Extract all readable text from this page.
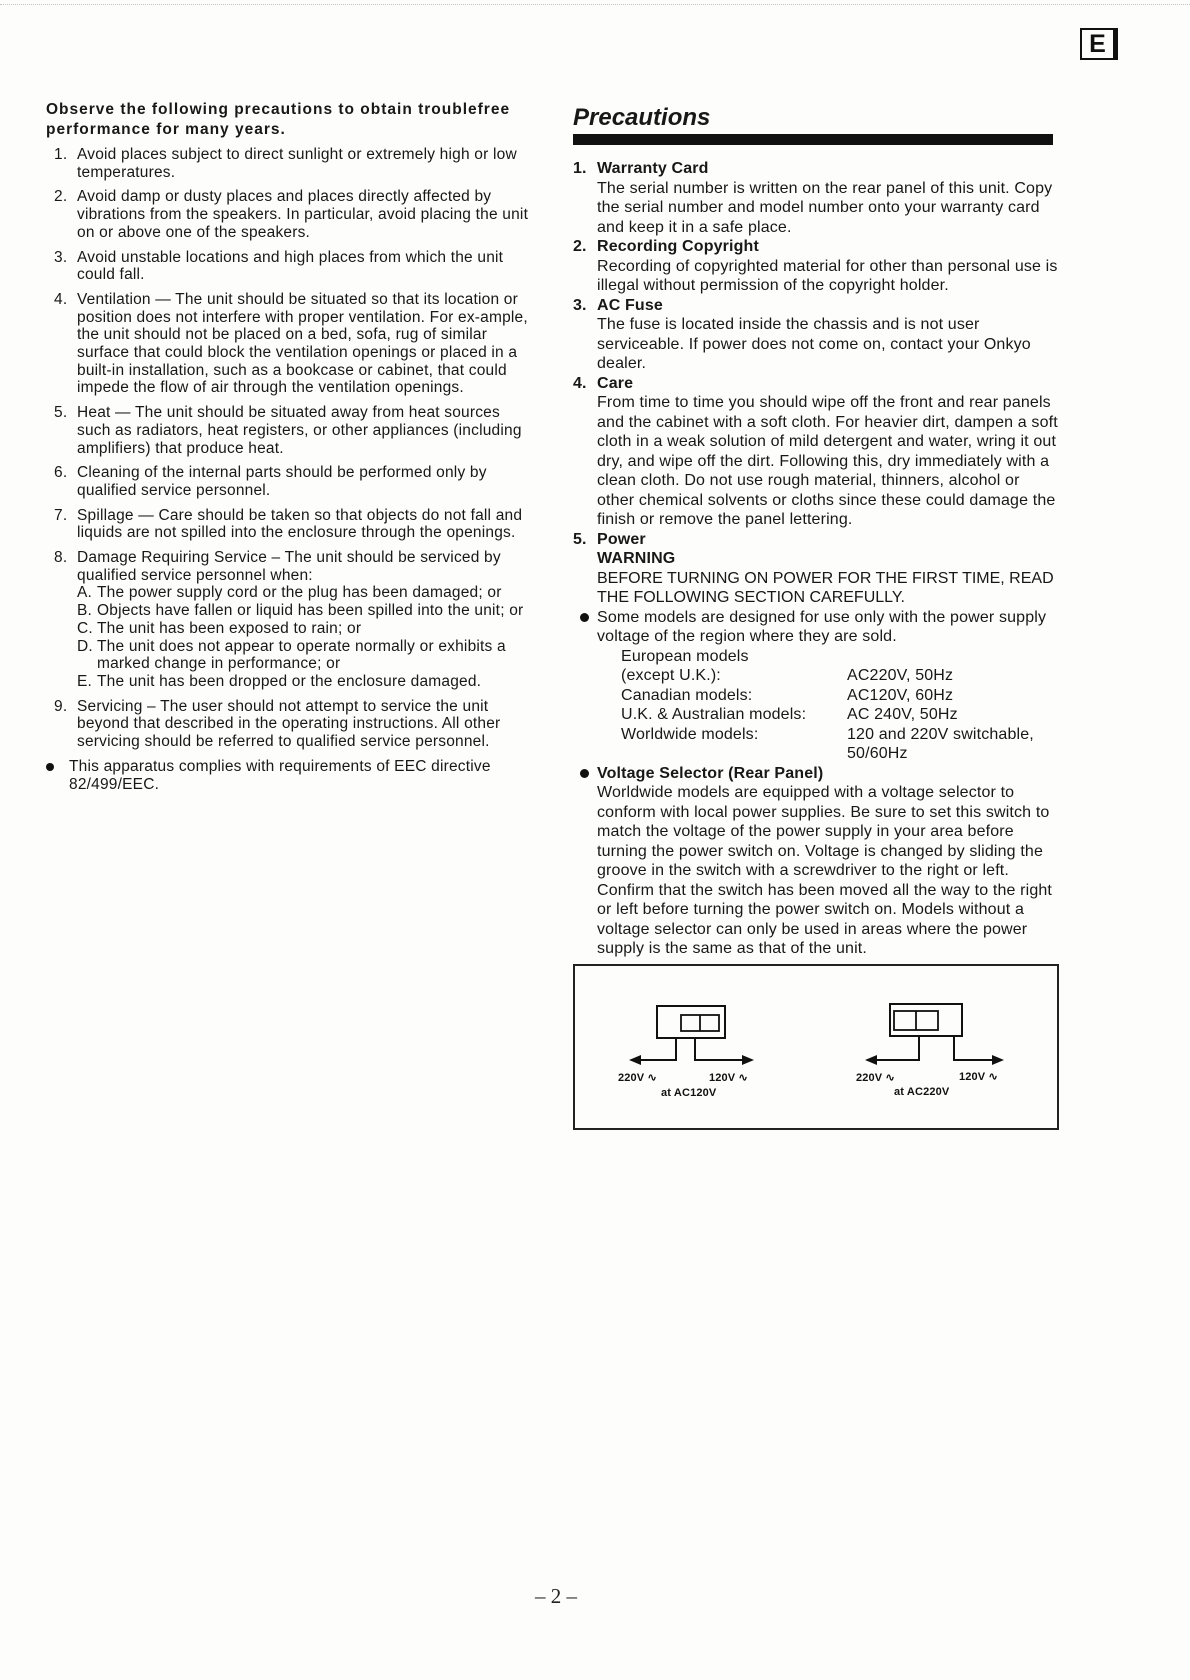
E

Observe the following precautions to obtain troublefree performance for many years.

1. Avoid places subject to direct sunlight or extremely high or low temperatures.
2. Avoid damp or dusty places and places directly affected by vibrations from the speakers. In particular, avoid placing the unit on or above one of the speakers.
3. Avoid unstable locations and high places from which the unit could fall.
4. Ventilation — The unit should be situated so that its location or position does not interfere with proper ventilation. For ex-ample, the unit should not be placed on a bed, sofa, rug of similar surface that could block the ventilation openings or placed in a built-in installation, such as a bookcase or cabinet, that could impede the flow of air through the ventilation openings.
5. Heat — The unit should be situated away from heat sources such as radiators, heat registers, or other appliances (including amplifiers) that produce heat.
6. Cleaning of the internal parts should be performed only by qualified service personnel.
7. Spillage — Care should be taken so that objects do not fall and liquids are not spilled into the enclosure through the openings.
8. Damage Requiring Service – The unit should be serviced by qualified service personnel when:
A. The power supply cord or the plug has been damaged; or
B. Objects have fallen or liquid has been spilled into the unit; or
C. The unit has been exposed to rain; or
D. The unit does not appear to operate normally or exhibits a marked change in performance; or
E. The unit has been dropped or the enclosure damaged.
9. Servicing – The user should not attempt to service the unit beyond that described in the operating instructions. All other servicing should be referred to qualified service personnel.
This apparatus complies with requirements of EEC directive 82/499/EEC.
Precautions
1. Warranty Card
The serial number is written on the rear panel of this unit. Copy the serial number and model number onto your warranty card and keep it in a safe place.
2. Recording Copyright
Recording of copyrighted material for other than personal use is illegal without permission of the copyright holder.
3. AC Fuse
The fuse is located inside the chassis and is not user serviceable. If power does not come on, contact your Onkyo dealer.
4. Care
From time to time you should wipe off the front and rear panels and the cabinet with a soft cloth. For heavier dirt, dampen a soft cloth in a weak solution of mild detergent and water, wring it out dry, and wipe off the dirt. Following this, dry immediately with a clean cloth. Do not use rough material, thinners, alcohol or other chemical solvents or cloths since these could damage the finish or remove the panel lettering.
5. Power
WARNING
BEFORE TURNING ON POWER FOR THE FIRST TIME, READ THE FOLLOWING SECTION CAREFULLY.
Some models are designed for use only with the power supply voltage of the region where they are sold.
European models
(except U.K.):	AC220V, 50Hz
Canadian models:	AC120V, 60Hz
U.K. & Australian models:	AC 240V, 50Hz
Worldwide models:	120 and 220V switchable, 50/60Hz
Voltage Selector (Rear Panel)
Worldwide models are equipped with a voltage selector to conform with local power supplies. Be sure to set this switch to match the voltage of the power supply in your area before turning the power switch on. Voltage is changed by sliding the groove in the switch with a screwdriver to the right or left. Confirm that the switch has been moved all the way to the right or left before turning the power switch on. Models without a voltage selector can only be used in areas where the power supply is the same as that of the unit.
220V ∿	120V ∿
at AC120V
220V ∿	120V ∿
at AC220V
– 2 –
